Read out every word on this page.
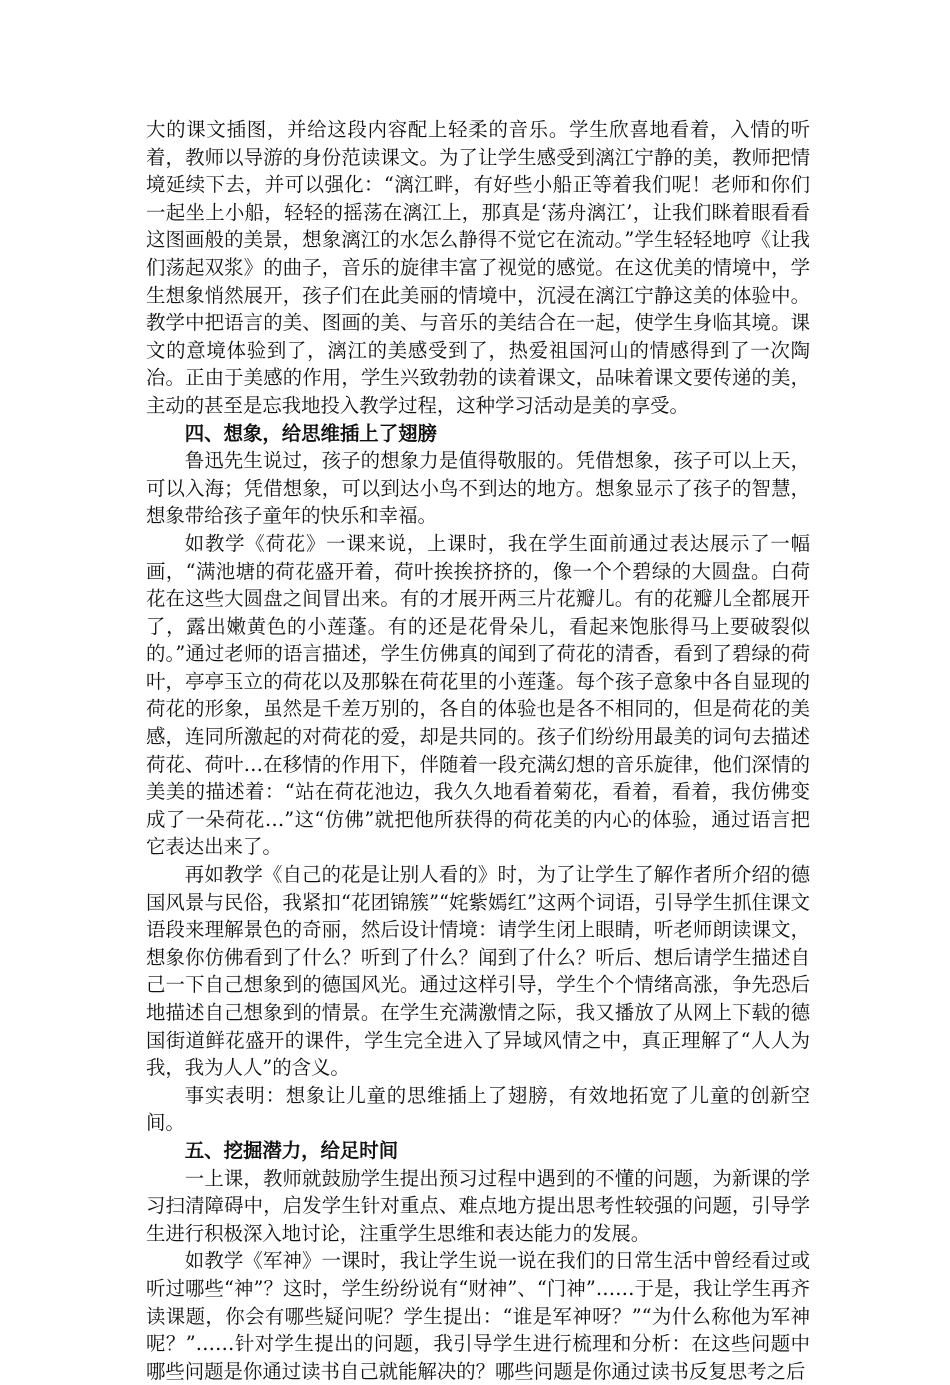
大的课文插图，并给这段内容配上轻柔的音乐。学生欣喜地看着，入情的听着，教师以导游的身份范读课文。为了让学生感受到漓江宁静的美，教师把情境延续下去，并可以强化：“漓江畔，有好些小船正等着我们呢！老师和你们一起坐上小船，轻轻的摇荡在漓江上，那真是‘荡舟漓江’，让我们眯着眼看看这图画般的美景，想象漓江的水怎么静得不觉它在流动。”学生轻轻地哼《让我们荡起双浆》的曲子，音乐的旋律丰富了视觉的感觉。在这优美的情境中，学生想象悄然展开，孩子们在此美丽的情境中，沉浸在漓江宁静这美的体验中。教学中把语言的美、图画的美、与音乐的美结合在一起，使学生身临其境。课文的意境体验到了，漓江的美感受到了，热爱祖国河山的情感得到了一次陶冶。正由于美感的作用，学生兴致勃勃的读着课文，品味着课文要传递的美，主动的甚至是忘我地投入教学过程，这种学习活动是美的享受。

四、想象，给思维插上了翅膀

鲁迅先生说过，孩子的想象力是值得敬服的。凭借想象，孩子可以上天，可以入海；凭借想象，可以到达小鸟不到达的地方。想象显示了孩子的智慧，想象带给孩子童年的快乐和幸福。

如教学《荷花》一课来说，上课时，我在学生面前通过表达展示了一幅画，“满池塘的荷花盛开着，荷叶挨挨挤挤的，像一个个碧绿的大圆盘。白荷花在这些大圆盘之间冒出来。有的才展开两三片花瓣儿。有的花瓣儿全都展开了，露出嫩黄色的小莲蓬。有的还是花骨朵儿，看起来饱胀得马上要破裂似的。”通过老师的语言描述，学生仿佛真的闻到了荷花的清香，看到了碧绿的荷叶，亭亭玉立的荷花以及那躲在荷花里的小莲蓬。每个孩子意象中各自显现的荷花的形象，虽然是千差万别的，各自的体验也是各不相同的，但是荷花的美感，连同所激起的对荷花的爱，却是共同的。孩子们纷纷用最美的词句去描述荷花、荷叶…在移情的作用下，伴随着一段充满幻想的音乐旋律，他们深情的美美的描述着：“站在荷花池边，我久久地看着菊花，看着，看着，我仿佛变成了一朵荷花…”这“仿佛”就把他所获得的荷花美的内心的体验，通过语言把它表达出来了。

再如教学《自己的花是让别人看的》时，为了让学生了解作者所介绍的德国风景与民俗，我紧扣“花团锦簇”“姹紫嫣红”这两个词语，引导学生抓住课文语段来理解景色的奇丽，然后设计情境：请学生闭上眼睛，听老师朗读课文，想象你仿佛看到了什么？听到了什么？闻到了什么？听后、想后请学生描述自己一下自己想象到的德国风光。通过这样引导，学生个个情绪高涨，争先恐后地描述自己想象到的情景。在学生充满激情之际，我又播放了从网上下载的德国街道鲜花盛开的课件，学生完全进入了异域风情之中，真正理解了“人人为我，我为人人”的含义。

事实表明：想象让儿童的思维插上了翅膀，有效地拓宽了儿童的创新空间。

五、挖掘潜力，给足时间

一上课，教师就鼓励学生提出预习过程中遇到的不懂的问题，为新课的学习扫清障碍中，启发学生针对重点、难点地方提出思考性较强的问题，引导学生进行积极深入地讨论，注重学生思维和表达能力的发展。

如教学《军神》一课时，我让学生说一说在我们的日常生活中曾经看过或听过哪些“神”？这时，学生纷纷说有“财神”、“门神”……于是，我让学生再齐读课题，你会有哪些疑问呢？学生提出：“谁是军神呀？”“为什么称他为军神呢？”……针对学生提出的问题，我引导学生进行梳理和分析：在这些问题中哪些问题是你通过读书自己就能解决的？哪些问题是你通过读书反复思考之后
